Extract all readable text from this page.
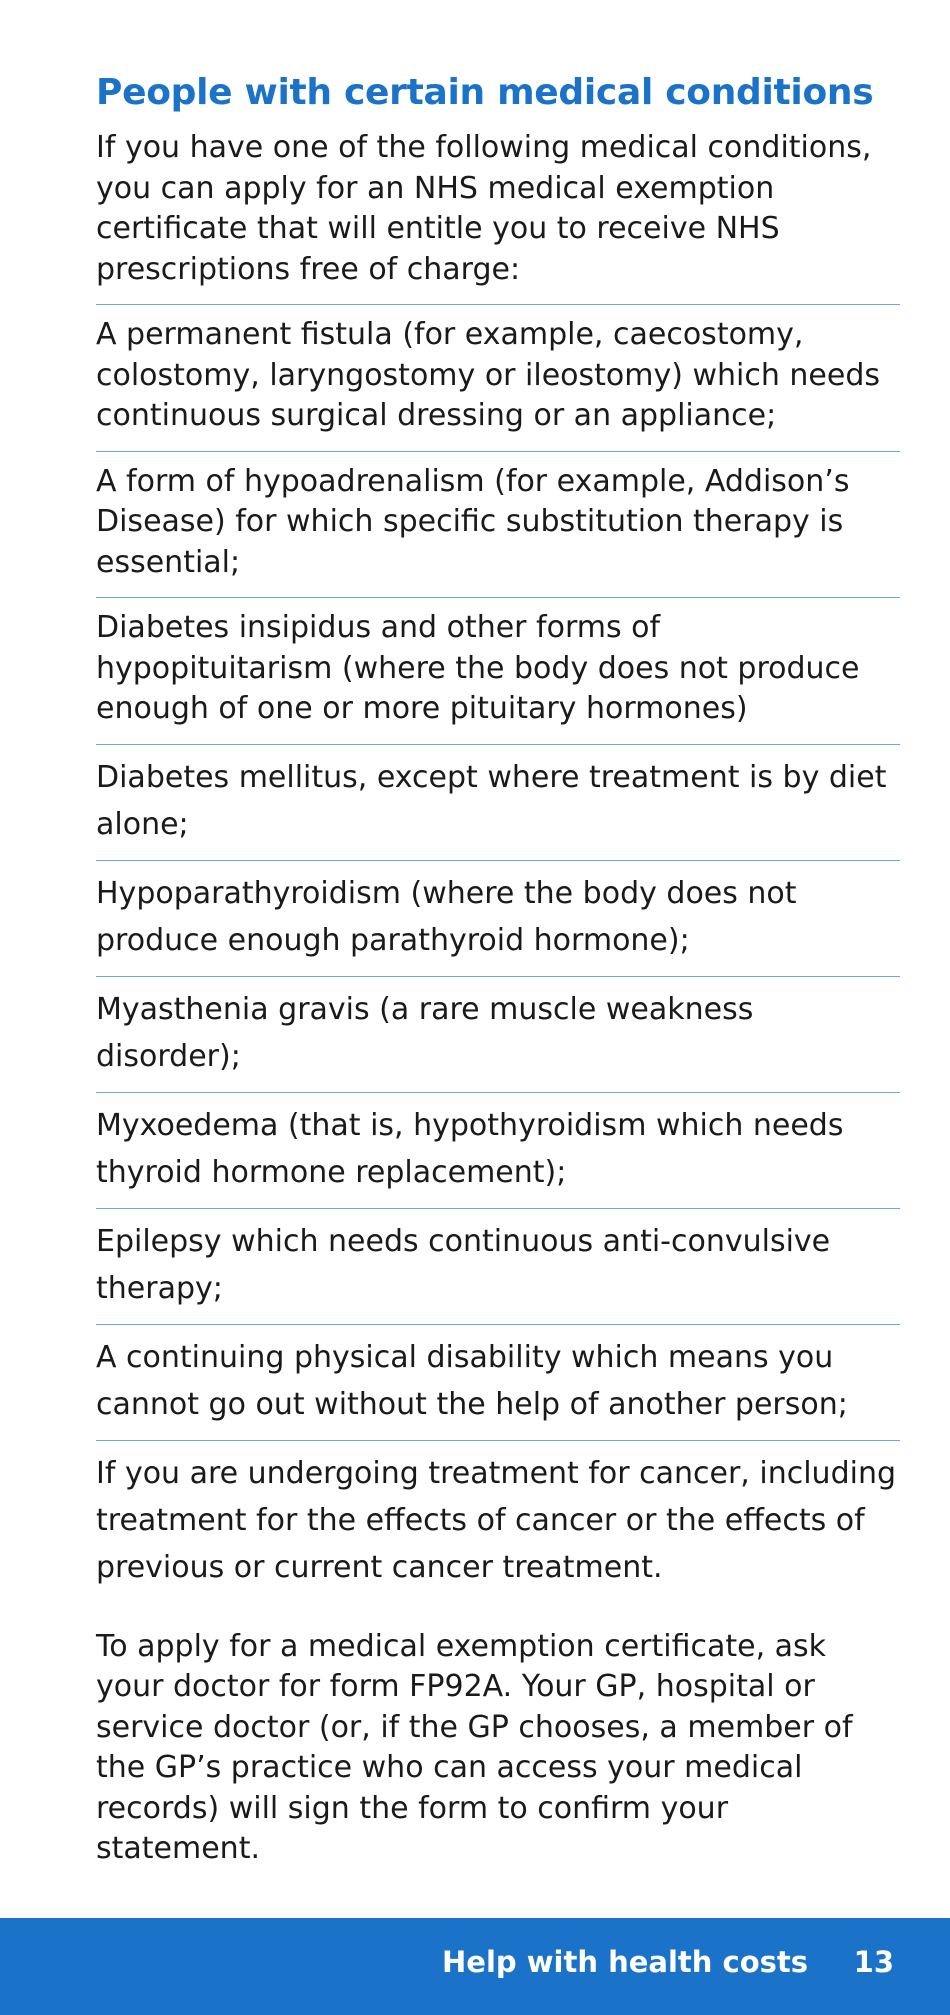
People with certain medical conditions

If you have one of the following medical conditions, you can apply for an NHS medical exemption certificate that will entitle you to receive NHS prescriptions free of charge:

A permanent fistula (for example, caecostomy, colostomy, laryngostomy or ileostomy) which needs continuous surgical dressing or an appliance;
A form of hypoadrenalism (for example, Addison’s Disease) for which specific substitution therapy is essential;
Diabetes insipidus and other forms of hypopituitarism (where the body does not produce enough of one or more pituitary hormones)
Diabetes mellitus, except where treatment is by diet alone;
Hypoparathyroidism (where the body does not produce enough parathyroid hormone);
Myasthenia gravis (a rare muscle weakness disorder);
Myxoedema (that is, hypothyroidism which needs thyroid hormone replacement);
Epilepsy which needs continuous anti-convulsive therapy;
A continuing physical disability which means you cannot go out without the help of another person;
If you are undergoing treatment for cancer, including treatment for the effects of cancer or the effects of previous or current cancer treatment.

To apply for a medical exemption certificate, ask your doctor for form FP92A. Your GP, hospital or service doctor (or, if the GP chooses, a member of the GP’s practice who can access your medical records) will sign the form to confirm your statement.

Help with health costs 13
